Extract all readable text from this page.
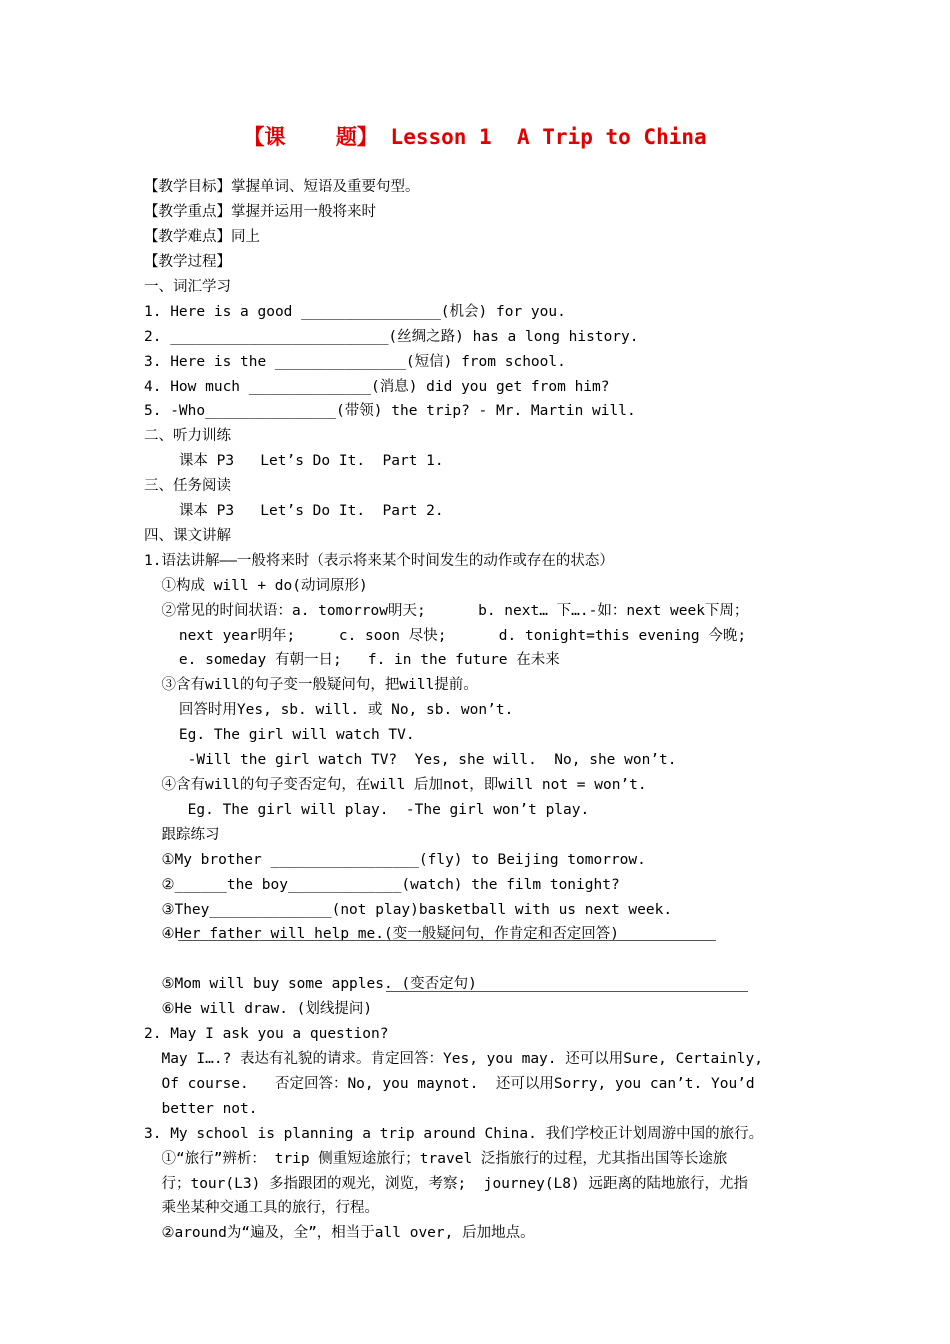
【课    题】 Lesson 1  A Trip to China
【教学目标】掌握单词、短语及重要句型。
【教学重点】掌握并运用一般将来时
【教学难点】同上
【教学过程】
一、词汇学习
1. Here is a good ________________(机会) for you.
2. _________________________(丝绸之路) has a long history.
3. Here is the _______________(短信) from school.
4. How much ______________(消息) did you get from him?
5. -Who_______________(带领) the trip? - Mr. Martin will.
二、听力训练
课本 P3   Let’s Do It.  Part 1.
三、任务阅读
课本 P3   Let’s Do It.  Part 2.
四、课文讲解
1.语法讲解——一般将来时（表示将来某个时间发生的动作或存在的状态）
①构成 will + do(动词原形)
②常见的时间状语：a. tomorrow明天;      b. next… 下….-如：next week下周；
next year明年;     c. soon 尽快;      d. tonight=this evening 今晚;
e. someday 有朝一日;   f. in the future 在未来
③含有will的句子变一般疑问句，把will提前。
回答时用Yes, sb. will. 或 No, sb. won’t.
Eg. The girl will watch TV.
-Will the girl watch TV?  Yes, she will.  No, she won’t.
④含有will的句子变否定句，在will 后加not，即will not = won’t.
Eg. The girl will play.  -The girl won’t play.
跟踪练习
①My brother _________________(fly) to Beijing tomorrow.
②______the boy_____________(watch) the film tonight?
③They______________(not play)basketball with us next week.
④Her father will help me.(变一般疑问句，作肯定和否定回答)
⑤Mom will buy some apples. (变否定句)
⑥He will draw. (划线提问)
2. May I ask you a question?
May I….? 表达有礼貌的请求。肯定回答：Yes, you may. 还可以用Sure, Certainly,
Of course.   否定回答：No, you maynot.  还可以用Sorry, you can’t. You’d
better not.
3. My school is planning a trip around China. 我们学校正计划周游中国的旅行。
①“旅行”辨析： trip 侧重短途旅行；travel 泛指旅行的过程，尤其指出国等长途旅
行；tour(L3) 多指跟团的观光，浏览，考察;  journey(L8) 远距离的陆地旅行，尤指
乘坐某种交通工具的旅行，行程。
②around为“遍及，全”，相当于all over, 后加地点。
